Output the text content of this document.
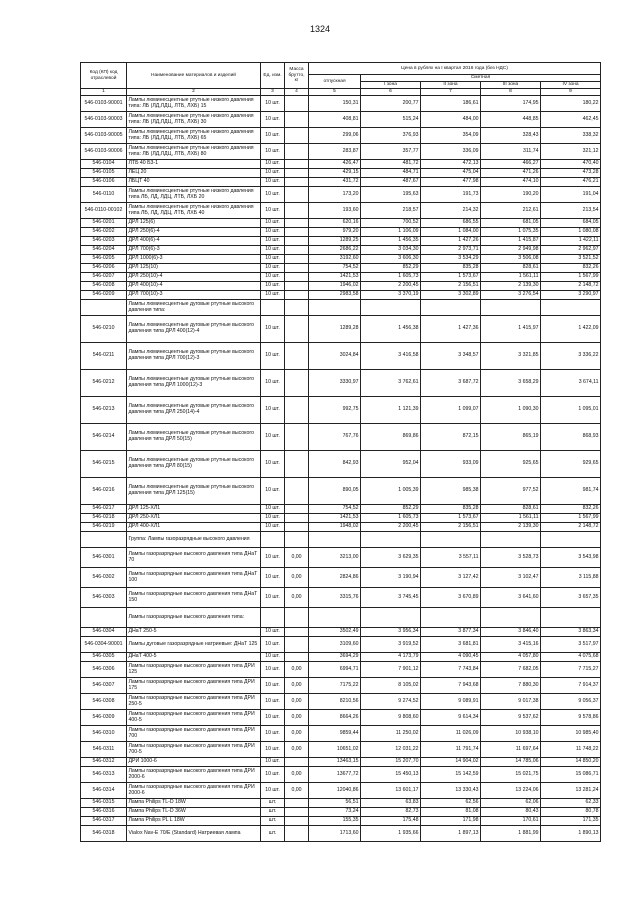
1324
Код (КП) код отраслевой	Наименование материалов и изделий	Ед. изм.	Масса брутто, кг	Цена в рублях на I квартал 2016 года (без НДС)				
				отпускная	Сметная			
					I зона	II зона	III зона	IV зона
1	2	3	4	5	6	7	8	9
546-0103-90001	Лампы люминесцентные ртутные низкого давления типа: ЛБ (ЛД,ЛДЦ, ЛТБ, ЛХБ) 15	10 шт.		150,31	200,77	186,61	174,95	180,22
546-0103-90003	Лампы люминесцентные ртутные низкого давления типа: ЛБ (ЛД,ЛДЦ, ЛТБ, ЛХБ) 30	10 шт.		408,81	515,24	484,00	448,85	462,45
546-0103-90005	Лампы люминесцентные ртутные низкого давления типа: ЛБ (ЛД,ЛДЦ, ЛТБ, ЛХБ) 65	10 шт.		299,06	376,93	354,09	328,43	338,32
546-0103-90006	Лампы люминесцентные ртутные низкого давления типа: ЛБ (ЛД,ЛДЦ, ЛТБ, ЛХБ) 80	10 шт.		283,87	357,77	336,09	311,74	321,12
546-0104	ЛТБ 40 Б3-1	10 шт.		426,47	481,72	472,13	466,27	470,40
546-0105	ЛЕЦ 20	10 шт.		429,15	484,71	475,04	471,26	473,28
546-0106	ЛБЦТ 40	10 шт.		431,72	487,67	477,98	474,10	476,21
546-0110	Лампы люминесцентные ртутные низкого давления типа ЛБ, ЛД, ЛДЦ, ЛТБ, ЛХБ 20	10 шт.		173,20	195,63	191,73	190,20	191,04
546-0110-00102	Лампы люминесцентные ртутные низкого давления типа ЛБ, ЛД, ЛДЦ, ЛТБ, ЛХБ 40	10 шт.		193,60	218,57	214,32	212,61	213,54
546-0201	ДРЛ 125(6)	10 шт.		620,16	700,52	686,55	681,05	684,05
546-0202	ДРЛ 250(6)-4	10 шт.		979,20	1 106,09	1 084,00	1 075,35	1 080,08
546-0203	ДРЛ 400(6)-4	10 шт.		1289,25	1 456,35	1 427,26	1 415,87	1 422,11
546-0204	ДРЛ 700(6)-3	10 шт.		2686,22	3 034,30	2 973,71	2 949,98	2 962,97
546-0205	ДРЛ 1000(6)-3	10 шт.		3192,60	3 606,30	3 534,29	3 506,08	3 521,52
546-0206	ДРЛ 125(10)	10 шт.		754,52	852,29	835,28	828,61	832,26
546-0207	ДРЛ 250(10)-4	10 шт.		1421,53	1 605,73	1 573,67	1 561,11	1 567,99
546-0208	ДРЛ 400(10)-4	10 шт.		1946,02	2 200,45	2 156,51	2 139,30	2 148,72
546-0209	ДРЛ 700(10)-3	10 шт.		2983,58	3 370,19	3 302,89	3 276,54	3 290,97
	Лампы люминесцентные дуговые ртутные высокого давления типа:							
546-0210	Лампы люминесцентные дуговые ртутные высокого давления типа ДРЛ 400(12)-4	10 шт.		1289,28	1 456,38	1 427,36	1 415,97	1 422,09
546-0211	Лампы люминесцентные дуговые ртутные высокого давления типа ДРЛ 700(12)-3	10 шт.		3024,84	3 416,58	3 348,57	3 321,85	3 336,22
546-0212	Лампы люминесцентные дуговые ртутные высокого давления типа ДРЛ 1000(12)-3	10 шт.		3330,97	3 762,61	3 687,72	3 658,29	3 674,11
546-0213	Лампы люминесцентные дуговые ртутные высокого давления типа ДРЛ 250(14)-4	10 шт.		992,75	1 121,39	1 099,07	1 090,30	1 095,01
546-0214	Лампы люминесцентные дуговые ртутные высокого давления типа ДРЛ 50(15)	10 шт.		767,76	869,86	872,15	865,19	868,93
546-0215	Лампы люминесцентные дуговые ртутные высокого давления типа ДРЛ 80(15)	10 шт.		842,93	952,04	933,09	925,65	929,65
546-0216	Лампы люминесцентные дуговые ртутные высокого давления типа ДРЛ 125(15)	10 шт.		890,05	1 005,39	985,38	977,52	981,74
546-0217	ДРЛ 125-ХЛ1	10 шт.		754,52	852,29	835,28	828,61	832,26
546-0218	ДРЛ 250-ХЛ1	10 шт.		1421,53	1 605,73	1 573,67	1 561,11	1 567,99
546-0219	ДРЛ 400-ХЛ1	10 шт.		1948,02	2 200,45	2 156,51	2 139,30	2 148,72
	Группа: Лампы газоразрядные высокого давления							
546-0301	Лампы газоразрядные высокого давления типа ДНаТ 70	10 шт.	0,00	3213,00	3 629,35	3 557,11	3 528,73	3 543,98
546-0302	Лампы газоразрядные высокого давления типа ДНаТ 100	10 шт.	0,00	2824,86	3 190,94	3 127,42	3 102,47	3 115,88
546-0303	Лампы газоразрядные высокого давления типа ДНаТ 150	10 шт.	0,00	3315,76	3 745,45	3 670,89	3 641,60	3 657,35
	Лампы газоразрядные высокого давления типа:							
546-0304	ДНаТ 250-5	10 шт.		3502,49	3 956,34	3 877,34	3 846,40	3 863,34
546-0304-90001	Лампы дуговые газоразрядные натриевые: ДНаТ 125	10 шт.		3109,60	3 919,52	3 681,81	3 415,16	3 517,97
546-0305	ДНаТ 400-5	10 шт.		3694,29	4 173,79	4 090,45	4 057,80	4 075,68
546-0306	Лампы газоразрядные высокого давления типа ДРИ 125	10 шт.	0,00	6994,71	7 901,12	7 743,84	7 682,05	7 715,27
546-0307	Лампы газоразрядные высокого давления типа ДРИ 175	10 шт.	0,00	7175,22	8 105,02	7 943,68	7 880,30	7 914,37
546-0308	Лампы газоразрядные высокого давления типа ДРИ 250-5	10 шт.	0,00	8210,56	9 274,52	9 089,91	9 017,38	9 056,37
546-0309	Лампы газоразрядные высокого давления типа ДРИ 400-5	10 шт.	0,00	8664,26	9 808,60	9 614,34	9 537,62	9 578,86
546-0310	Лампы газоразрядные высокого давления типа ДРИ 700	10 шт.	0,00	9859,44	11 250,02	11 026,09	10 938,10	10 985,40
546-0311	Лампы газоразрядные высокого давления типа ДРИ 700-5	10 шт.	0,00	10651,02	12 031,22	11 791,74	11 697,64	11 748,22
546-0312	ДРИ 1000-6	10 шт.		13463,15	15 207,70	14 904,02	14 785,06	14 850,20
546-0313	Лампы газоразрядные высокого давления типа ДРИ 2000-6	10 шт.	0,00	13677,72	15 450,13	15 142,59	15 021,75	15 086,71
546-0314	Лампы газоразрядные высокого давления типа ДРИ 2000-6	10 шт.	0,00	12040,86	13 601,17	13 330,43	13 224,06	13 281,24
546-0315	Лампа Philips TL-D 18W	шт.		56,51	63,83	62,56	62,06	62,33
546-0316	Лампа Philips TL-D 36W	шт.		73,24	82,73	81,08	80,43	80,78
546-0317	Лампа Philips PL L 18W	шт.		155,35	175,48	171,98	170,61	171,35
546-0318	Vialox Nav-E 70/E (Standard) Натриевая лампа	шт.		1713,60	1 935,66	1 897,13	1 881,99	1 890,13
